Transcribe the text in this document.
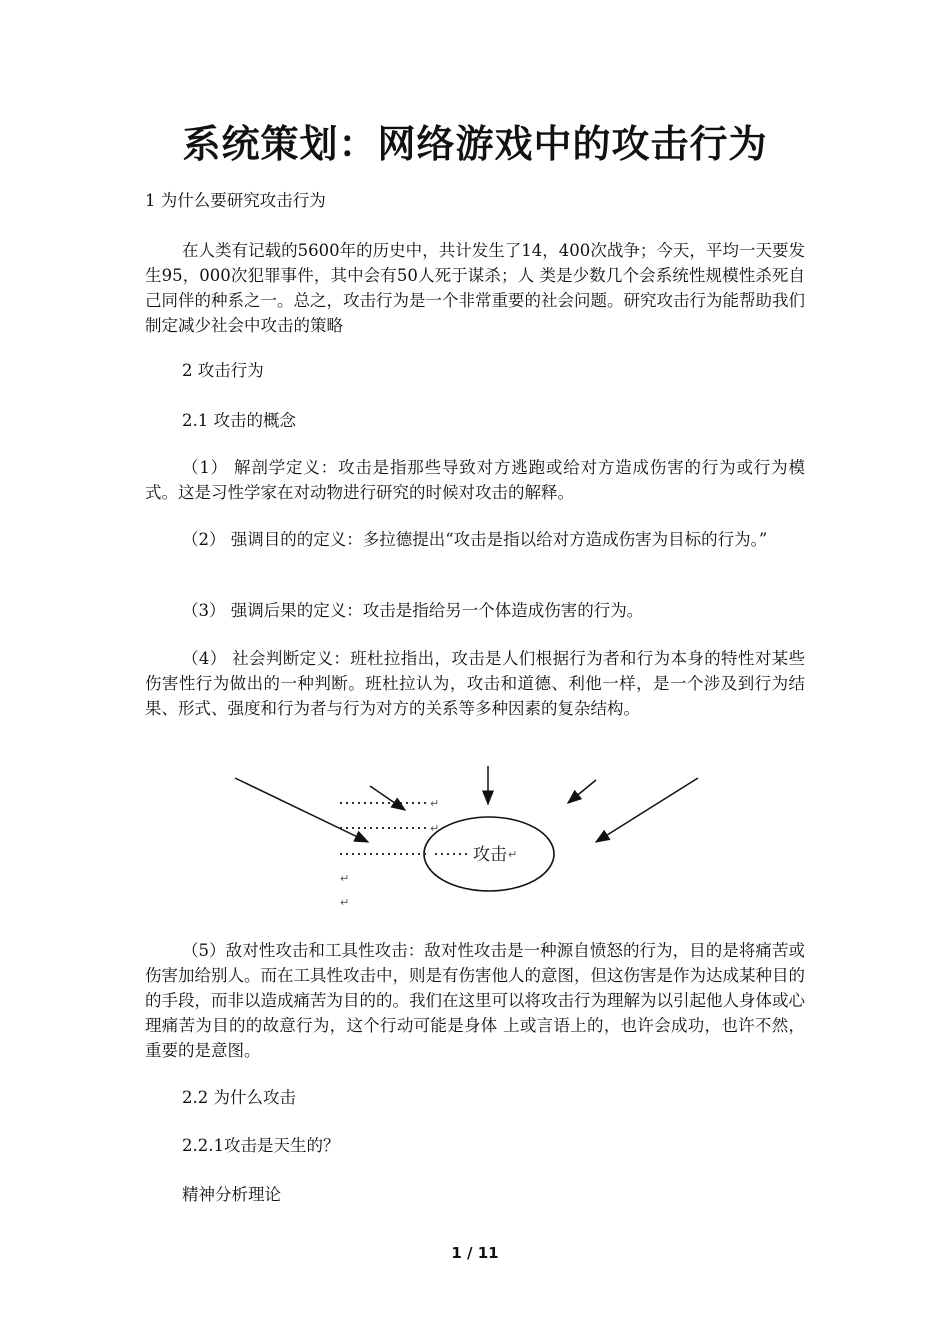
系统策划：网络游戏中的攻击行为

1 为什么要研究攻击行为

在人类有记载的5600年的历史中，共计发生了14，400次战争；今天，平均一天要发生95，000次犯罪事件，其中会有50人死于谋杀；人 类是少数几个会系统性规模性杀死自己同伴的种系之一。总之，攻击行为是一个非常重要的社会问题。研究攻击行为能帮助我们制定减少社会中攻击的策略

2 攻击行为

2.1 攻击的概念

（1） 解剖学定义：攻击是指那些导致对方逃跑或给对方造成伤害的行为或行为模式。这是习性学家在对动物进行研究的时候对攻击的解释。

（2） 强调目的的定义：多拉德提出“攻击是指以给对方造成伤害为目标的行为。”

（3） 强调后果的定义：攻击是指给另一个体造成伤害的行为。

（4） 社会判断定义：班杜拉指出，攻击是人们根据行为者和行为本身的特性对某些伤害性行为做出的一种判断。班杜拉认为，攻击和道德、利他一样，是一个涉及到行为结果、形式、强度和行为者与行为对方的关系等多种因素的复杂结构。

↵
↵
↵
↵
↵
攻击

（5）敌对性攻击和工具性攻击：敌对性攻击是一种源自愤怒的行为，目的是将痛苦或伤害加给别人。而在工具性攻击中，则是有伤害他人的意图，但这伤害是作为达成某种目的的手段，而非以造成痛苦为目的的。我们在这里可以将攻击行为理解为以引起他人身体或心理痛苦为目的的故意行为，这个行动可能是身体 上或言语上的，也许会成功，也许不然，重要的是意图。

2.2 为什么攻击

2.2.1攻击是天生的？

精神分析理论

1 / 11
